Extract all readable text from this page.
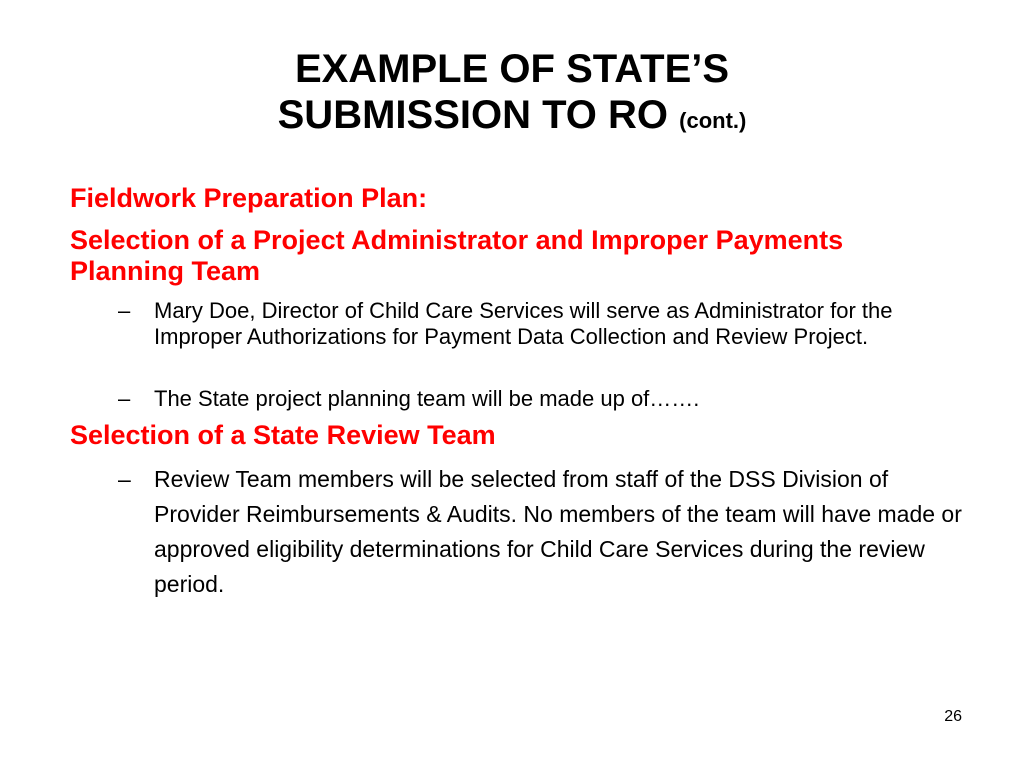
EXAMPLE OF STATE’S
SUBMISSION TO RO (cont.)

Fieldwork Preparation Plan:

Selection of a Project Administrator and Improper Payments Planning Team

–	Mary Doe, Director of Child Care Services will serve as Administrator for the Improper Authorizations for Payment Data Collection and Review Project.
–	The State project planning team will be made up of…….

Selection of a State Review Team

–	Review Team members will be selected from staff of the DSS Division of Provider Reimbursements & Audits. No members of the team will have made or approved eligibility determinations for Child Care Services during the review period.
26
